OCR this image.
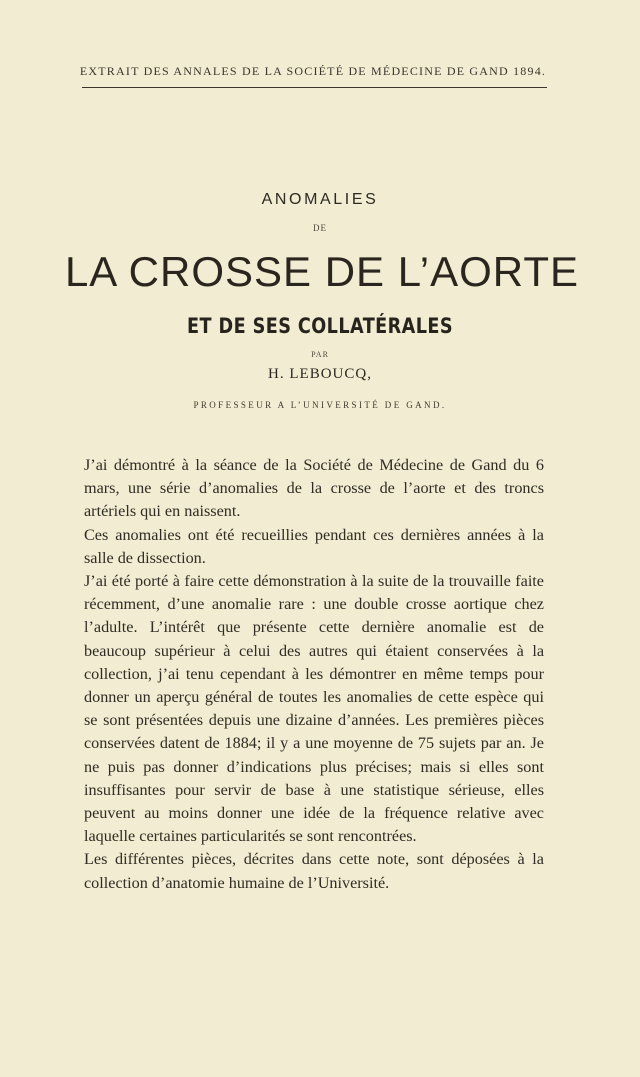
EXTRAIT DES ANNALES DE LA SOCIÉTÉ DE MÉDECINE DE GAND 1894.
ANOMALIES
DE
LA CROSSE DE L’AORTE
ET DE SES COLLATÉRALES
PAR
H. LEBOUCQ,
PROFESSEUR A L’UNIVERSITÉ DE GAND.

J’ai démontré à la séance de la Société de Médecine de Gand du 6 mars, une série d’anomalies de la crosse de l’aorte et des troncs artériels qui en naissent.

Ces anomalies ont été recueillies pendant ces dernières années à la salle de dissection.

J’ai été porté à faire cette démonstration à la suite de la trouvaille faite récemment, d’une anomalie rare : une double crosse aortique chez l’adulte. L’intérêt que présente cette dernière anomalie est de beaucoup supérieur à celui des autres qui étaient conservées à la collection, j’ai tenu cependant à les démontrer en même temps pour donner un aperçu général de toutes les anomalies de cette espèce qui se sont présentées depuis une dizaine d’années. Les premières pièces conservées datent de 1884; il y a une moyenne de 75 sujets par an. Je ne puis pas donner d’indications plus précises; mais si elles sont insuffisantes pour servir de base à une statistique sérieuse, elles peuvent au moins donner une idée de la fréquence relative avec laquelle certaines particularités se sont rencontrées.

Les différentes pièces, décrites dans cette note, sont déposées à la collection d’anatomie humaine de l’Université.
